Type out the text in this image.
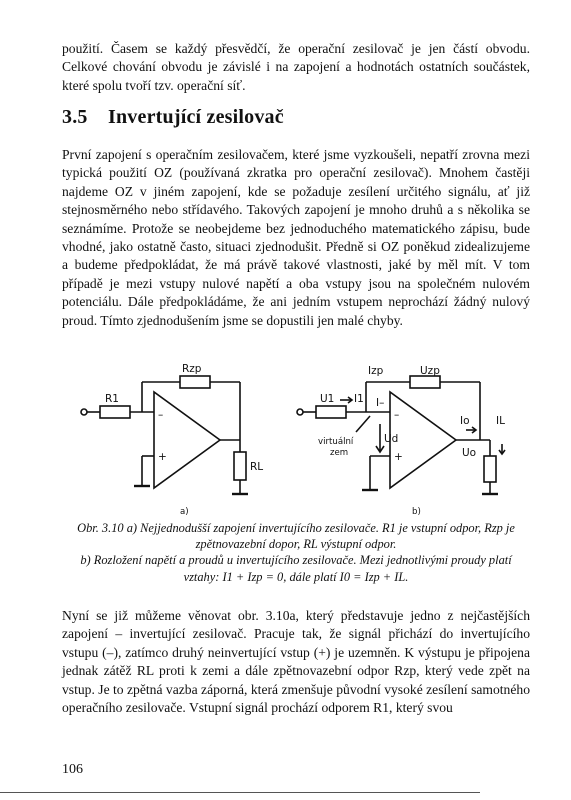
použití. Časem se každý přesvědčí, že operační zesilovač je jen částí obvodu. Celkové chování obvodu je závislé i na zapojení a hodnotách ostatních součástek, které spolu tvoří tzv. operační síť.

3.5 Invertující zesilovač

První zapojení s operačním zesilovačem, které jsme vyzkoušeli, nepatří zrovna mezi typická použití OZ (používaná zkratka pro operační zesilovač). Mnohem častěji najdeme OZ v jiném zapojení, kde se požaduje zesílení určitého signálu, ať již stejnosměrného nebo střídavého. Takových zapojení je mnoho druhů a s několika se seznámíme. Protože se neobejdeme bez jednoduchého matematického zápisu, bude vhodné, jako ostatně často, situaci zjednodušit. Předně si OZ poněkud zidealizujeme a budeme předpokládat, že má právě takové vlastnosti, jaké by měl mít. V tom případě je mezi vstupy nulové napětí a oba vstupy jsou na společném nulovém potenciálu. Dále předpokládáme, že ani jedním vstupem neprochází žádný nulový proud. Tímto zjednodušením jsme se dopustili jen malé chyby.

Rzp
R1
RL
–
+
a)
Izp	Uzp
U1 I1 I–
virtuální
zem
Ud
–
+
Io	IL
Uo
b)

Obr. 3.10 a) Nejjednodušší zapojení invertujícího zesilovače. R1 je vstupní odpor, Rzp je zpětnovazební dopor, RL výstupní odpor.

b) Rozložení napětí a proudů u invertujícího zesilovače. Mezi jednotlivými proudy platí vztahy: I1 + Izp = 0, dále platí I0 = Izp + IL.

Nyní se již můžeme věnovat obr. 3.10a, který představuje jedno z nejčastějších zapojení – invertující zesilovač. Pracuje tak, že signál přichází do invertujícího vstupu (–), zatímco druhý neinvertující vstup (+) je uzemněn. K výstupu je připojena jednak zátěž RL proti k zemi a dále zpětnovazební odpor Rzp, který vede zpět na vstup. Je to zpětná vazba záporná, která zmenšuje původní vysoké zesílení samotného operačního zesilovače. Vstupní signál prochází odporem R1, který svou

106
